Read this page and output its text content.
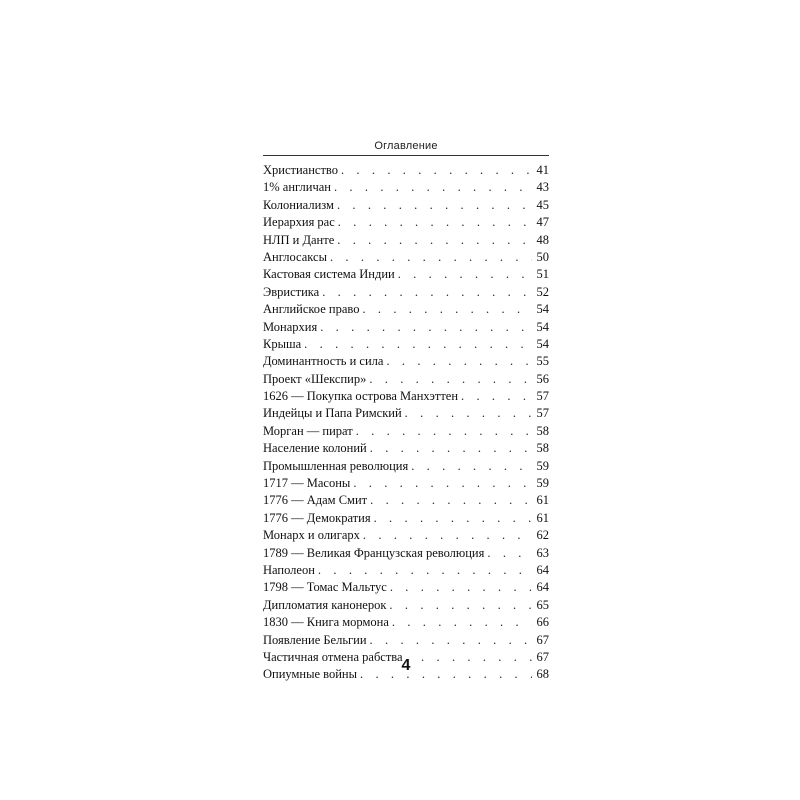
Оглавление
Христианство . . .	41
1% англичан . . .	43
Колониализм . . .	45
Иерархия рас . . .	47
НЛП и Данте . . .	48
Англосаксы . . .	50
Кастовая система Индии . . .	51
Эвристика . . .	52
Английское право . . .	54
Монархия . . .	54
Крыша . . .	54
Доминантность и сила . . .	55
Проект «Шекспир» . . .	56
1626 — Покупка острова Манхэттен . . .	57
Индейцы и Папа Римский . . .	57
Морган — пират . . .	58
Население колоний . . .	58
Промышленная революция . . .	59
1717 — Масоны . . .	59
1776 — Адам Смит . . .	61
1776 — Демократия . . .	61
Монарх и олигарх . . .	62
1789 — Великая Французская революция . . .	63
Наполеон . . .	64
1798 — Томас Мальтус . . .	64
Дипломатия канонерок . . .	65
1830 — Книга мормона . . .	66
Появление Бельгии . . .	67
Частичная отмена рабства . . .	67
Опиумные войны . . .	68
4
